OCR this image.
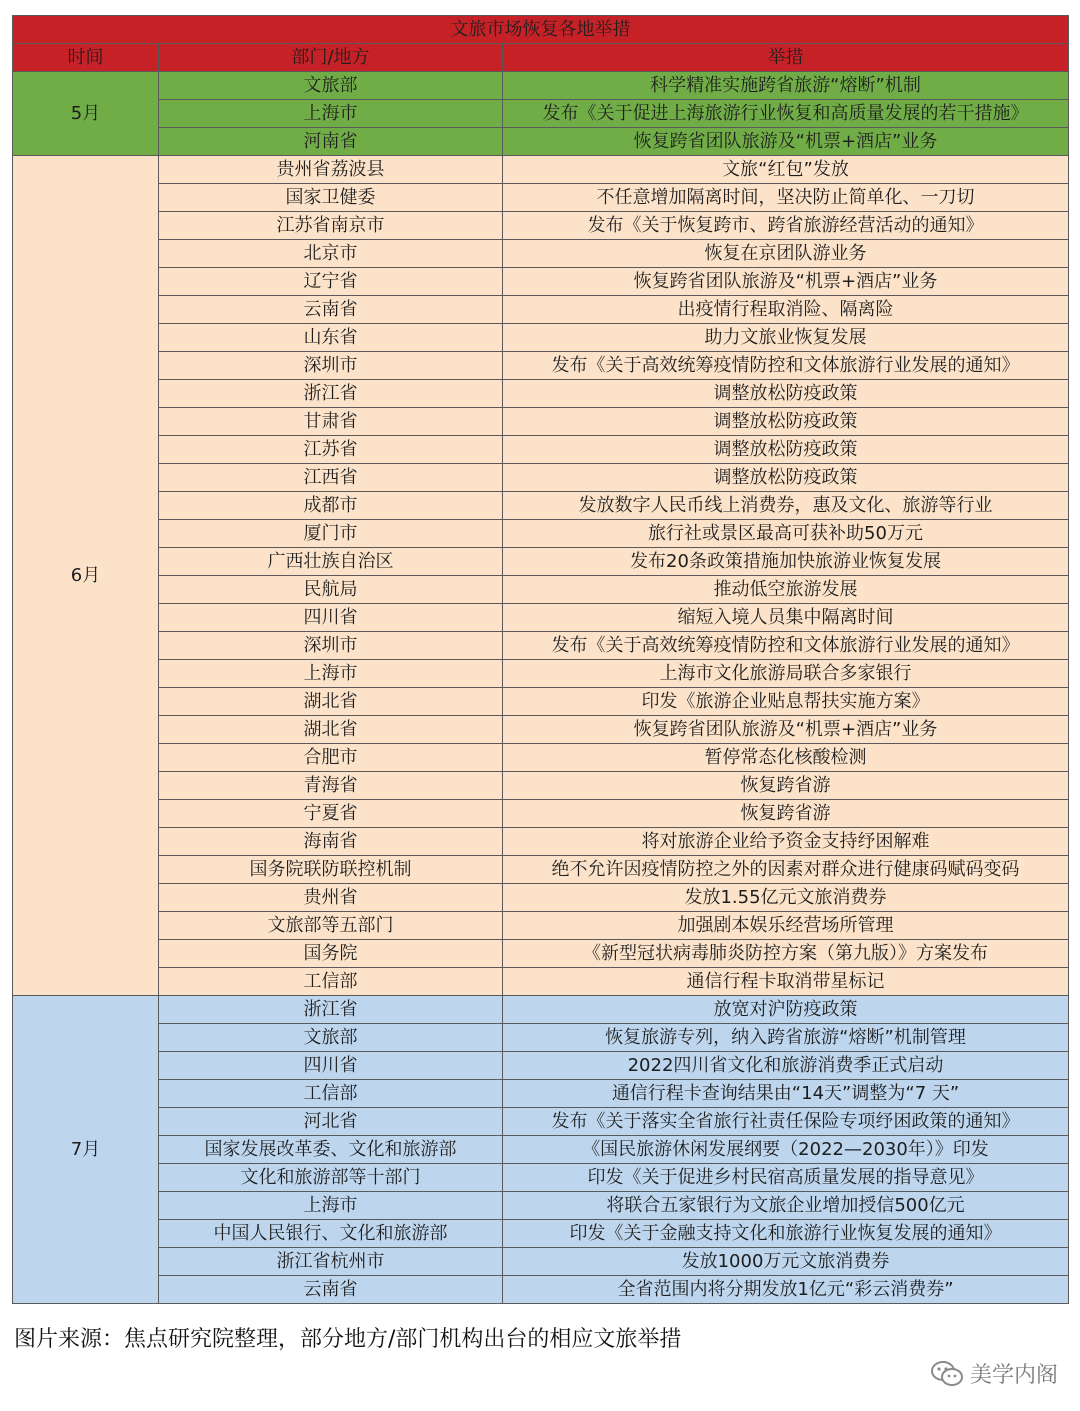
文旅市场恢复各地举措		
时间	部门/地方	举措
5月	文旅部	科学精准实施跨省旅游“熔断”机制
	上海市	发布《关于促进上海旅游行业恢复和高质量发展的若干措施》
	河南省	恢复跨省团队旅游及“机票+酒店”业务
6月	贵州省荔波县	文旅“红包”发放
	国家卫健委	不任意增加隔离时间，坚决防止简单化、一刀切
	江苏省南京市	发布《关于恢复跨市、跨省旅游经营活动的通知》
	北京市	恢复在京团队游业务
	辽宁省	恢复跨省团队旅游及“机票+酒店”业务
	云南省	出疫情行程取消险、隔离险
	山东省	助力文旅业恢复发展
	深圳市	发布《关于高效统筹疫情防控和文体旅游行业发展的通知》
	浙江省	调整放松防疫政策
	甘肃省	调整放松防疫政策
	江苏省	调整放松防疫政策
	江西省	调整放松防疫政策
	成都市	发放数字人民币线上消费券，惠及文化、旅游等行业
	厦门市	旅行社或景区最高可获补助50万元
	广西壮族自治区	发布20条政策措施加快旅游业恢复发展
	民航局	推动低空旅游发展
	四川省	缩短入境人员集中隔离时间
	深圳市	发布《关于高效统筹疫情防控和文体旅游行业发展的通知》
	上海市	上海市文化旅游局联合多家银行
	湖北省	印发《旅游企业贴息帮扶实施方案》
	湖北省	恢复跨省团队旅游及“机票+酒店”业务
	合肥市	暂停常态化核酸检测
	青海省	恢复跨省游
	宁夏省	恢复跨省游
	海南省	将对旅游企业给予资金支持纾困解难
	国务院联防联控机制	绝不允许因疫情防控之外的因素对群众进行健康码赋码变码
	贵州省	发放1.55亿元文旅消费券
	文旅部等五部门	加强剧本娱乐经营场所管理
	国务院	《新型冠状病毒肺炎防控方案（第九版）》方案发布
	工信部	通信行程卡取消带星标记
7月	浙江省	放宽对沪防疫政策
	文旅部	恢复旅游专列，纳入跨省旅游“熔断”机制管理
	四川省	2022四川省文化和旅游消费季正式启动
	工信部	通信行程卡查询结果由“14天”调整为“7 天”
	河北省	发布《关于落实全省旅行社责任保险专项纾困政策的通知》
	国家发展改革委、文化和旅游部	《国民旅游休闲发展纲要（2022—2030年）》印发
	文化和旅游部等十部门	印发《关于促进乡村民宿高质量发展的指导意见》
	上海市	将联合五家银行为文旅企业增加授信500亿元
	中国人民银行、文化和旅游部	印发《关于金融支持文化和旅游行业恢复发展的通知》
	浙江省杭州市	发放1000万元文旅消费券
	云南省	全省范围内将分期发放1亿元“彩云消费券”
图片来源：焦点研究院整理，部分地方/部门机构出台的相应文旅举措
美学内阁
